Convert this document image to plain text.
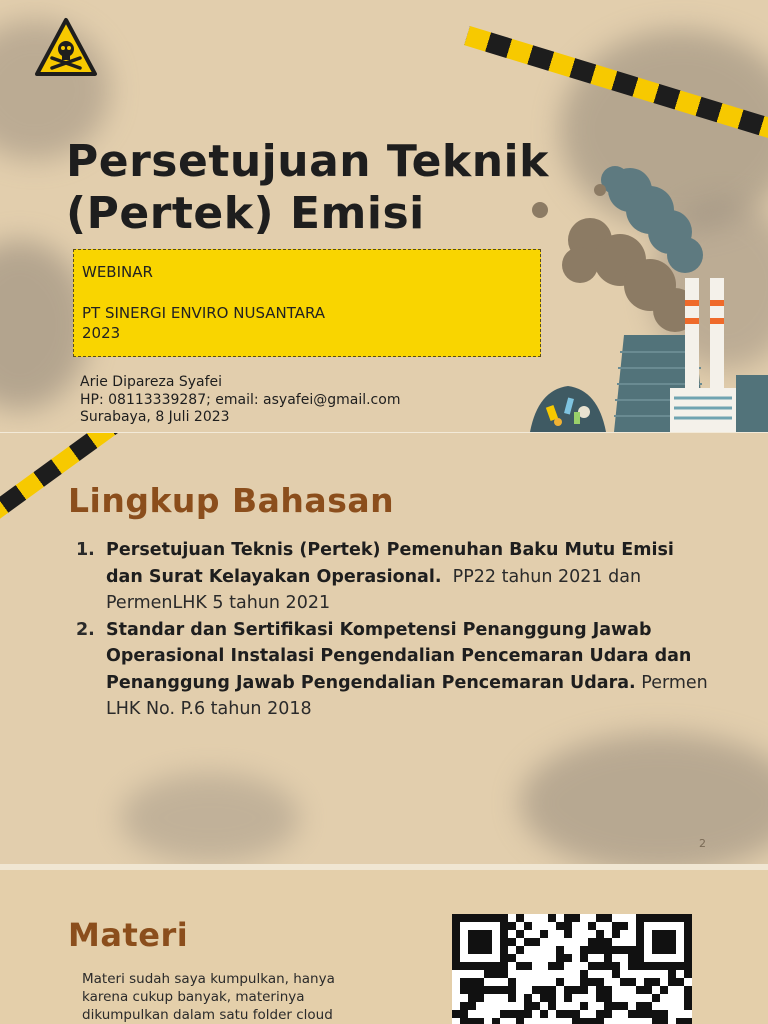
Persetujuan Teknik
(Pertek) Emisi
WEBINAR
PT SINERGI ENVIRO NUSANTARA
2023
Arie Dipareza Syafei
HP: 08113339287; email: asyafei@gmail.com
Surabaya, 8 Juli 2023
Lingkup Bahasan
1. Persetujuan Teknis (Pertek) Pemenuhan Baku Mutu Emisi dan Surat Kelayakan Operasional.  PP22 tahun 2021 dan PermenLHK 5 tahun 2021
2. Standar dan Sertifikasi Kompetensi Penanggung Jawab Operasional Instalasi Pengendalian Pencemaran Udara dan Penanggung Jawab Pengendalian Pencemaran Udara. Permen LHK No. P.6 tahun 2018
2
Materi
Materi sudah saya kumpulkan, hanya karena cukup banyak, materinya dikumpulkan dalam satu folder cloud
